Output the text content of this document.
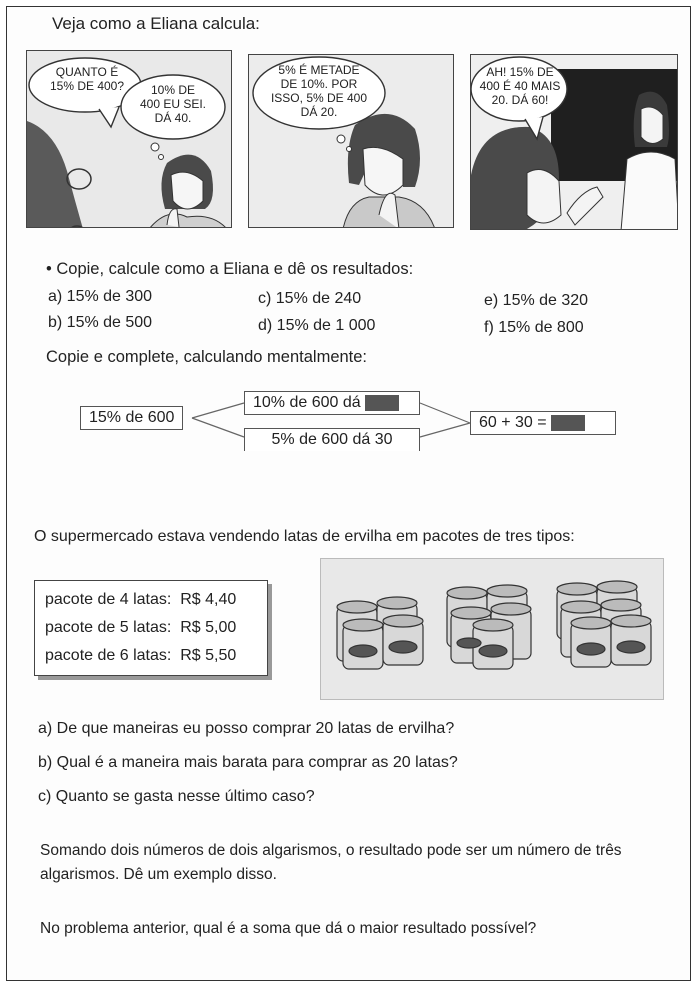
Veja como a Eliana calcula:
QUANTO É
15% DE 400?	10% DE
400 EU SEI.
DÁ 40.
5% É METADE
DE 10%. POR
ISSO, 5% DE 400
DÁ 20.
AH! 15% DE
400 É 40 MAIS
20. DÁ 60!
• Copie, calcule como a Eliana e dê os resultados:
a) 15% de 300
b) 15% de 500
c) 15% de 240
d) 15% de 1 000
e) 15% de 320
f) 15% de 800
Copie e complete, calculando mentalmente:
15% de 600
10% de 600 dá
5% de 600 dá 30
60 + 30 =
O supermercado estava vendendo latas de ervilha em pacotes de tres tipos:
pacote de 4 latas:  R$ 4,40
pacote de 5 latas:  R$ 5,00
pacote de 6 latas:  R$ 5,50
a) De que maneiras eu posso comprar 20 latas de ervilha?
b) Qual é a maneira mais barata para comprar as 20 latas?
c) Quanto se gasta nesse último caso?
Somando dois números de dois algarismos, o resultado pode ser um número de três
algarismos. Dê um exemplo disso.
No problema anterior, qual é a soma que dá o maior resultado possível?
